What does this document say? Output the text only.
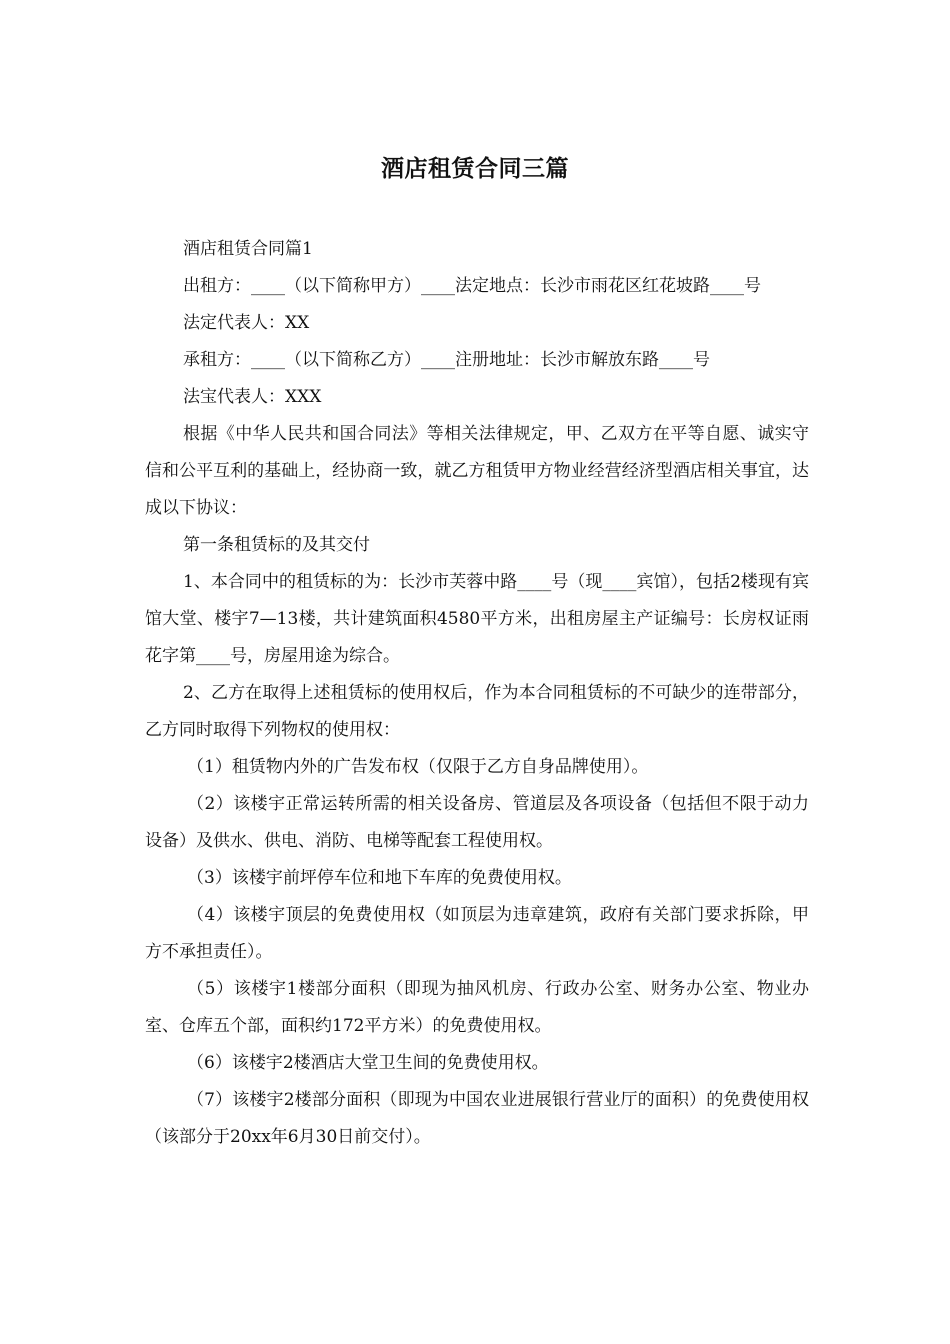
酒店租赁合同三篇

酒店租赁合同篇1

出租方：____（以下简称甲方）____法定地点：长沙市雨花区红花坡路____号

法定代表人：XX

承租方：____（以下简称乙方）____注册地址：长沙市解放东路____号

法宝代表人：XXX

根据《中华人民共和国合同法》等相关法律规定，甲、乙双方在平等自愿、诚实守信和公平互利的基础上，经协商一致，就乙方租赁甲方物业经营经济型酒店相关事宜，达成以下协议：

第一条租赁标的及其交付

1、本合同中的租赁标的为：长沙市芙蓉中路____号（现____宾馆），包括2楼现有宾馆大堂、楼宇7—13楼，共计建筑面积4580平方米，出租房屋主产证编号：长房权证雨花字第____号，房屋用途为综合。

2、乙方在取得上述租赁标的使用权后，作为本合同租赁标的不可缺少的连带部分，乙方同时取得下列物权的使用权：

（1）租赁物内外的广告发布权（仅限于乙方自身品牌使用）。

（2）该楼宇正常运转所需的相关设备房、管道层及各项设备（包括但不限于动力设备）及供水、供电、消防、电梯等配套工程使用权。

（3）该楼宇前坪停车位和地下车库的免费使用权。

（4）该楼宇顶层的免费使用权（如顶层为违章建筑，政府有关部门要求拆除，甲方不承担责任）。

（5）该楼宇1楼部分面积（即现为抽风机房、行政办公室、财务办公室、物业办室、仓库五个部，面积约172平方米）的免费使用权。

（6）该楼宇2楼酒店大堂卫生间的免费使用权。

（7）该楼宇2楼部分面积（即现为中国农业进展银行营业厅的面积）的免费使用权（该部分于20xx年6月30日前交付）。
